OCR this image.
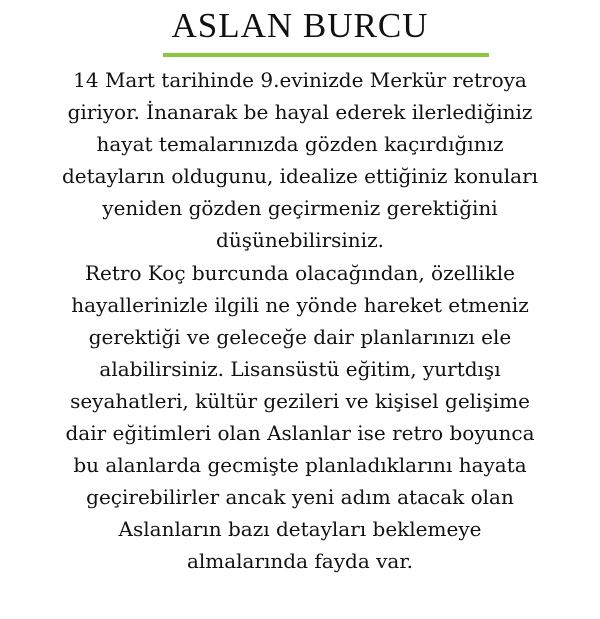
ASLAN BURCU
14 Mart tarihinde 9.evinizde Merkür retroya
giriyor. İnanarak be hayal ederek ilerlediğiniz
hayat temalarınızda gözden kaçırdığınız
detayların oldugunu, idealize ettiğiniz konuları
yeniden gözden geçirmeniz gerektiğini
düşünebilirsiniz.
Retro Koç burcunda olacağından, özellikle
hayallerinizle ilgili ne yönde hareket etmeniz
gerektiği ve geleceğe dair planlarınızı ele
alabilirsiniz. Lisansüstü eğitim, yurtdışı
seyahatleri, kültür gezileri ve kişisel gelişime
dair eğitimleri olan Aslanlar ise retro boyunca
bu alanlarda gecmişte planladıklarını hayata
geçirebilirler ancak yeni adım atacak olan
Aslanların bazı detayları beklemeye
almalarında fayda var.
